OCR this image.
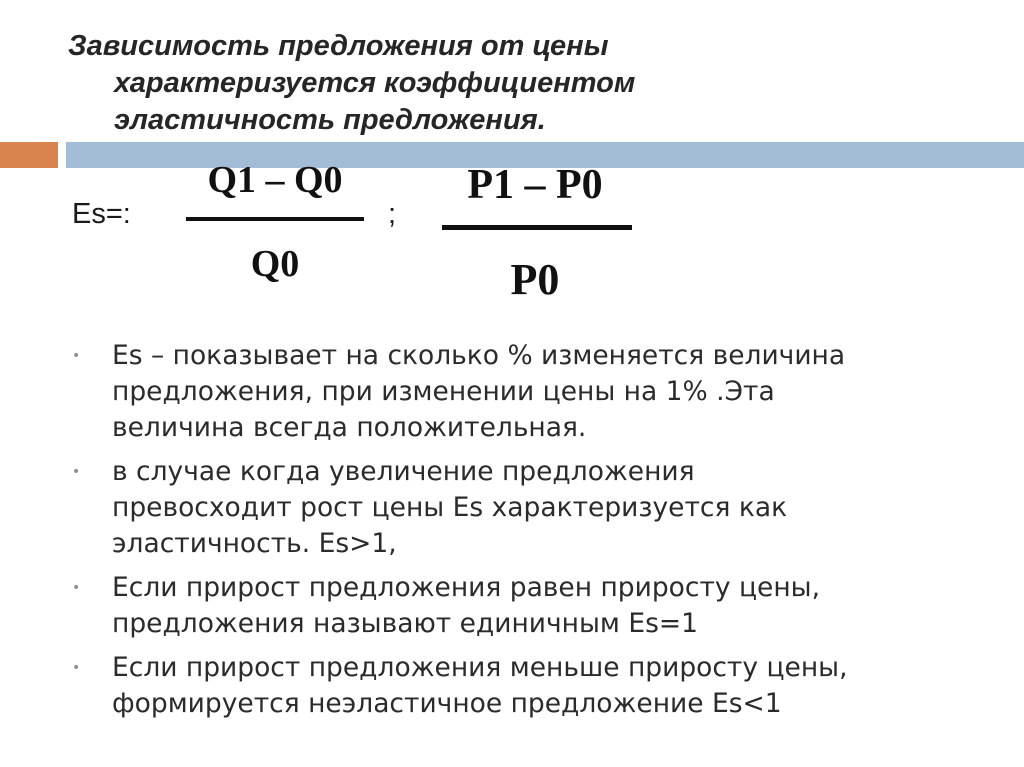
Зависимость предложения от цены
характеризуется коэффициентом
эластичность предложения.
Es=:
Q1 – Q0
Q0
;
P1 – P0
P0
• Es – показывает на сколько % изменяется величина
предложения, при изменении цены на 1% .Эта
величина всегда положительная.
• в случае когда увеличение предложения
превосходит рост цены Es характеризуется как
эластичность. Es>1,
• Если прирост предложения равен приросту цены,
предложения называют единичным Es=1
• Если прирост предложения меньше приросту цены,
формируется неэластичное предложение Es<1
